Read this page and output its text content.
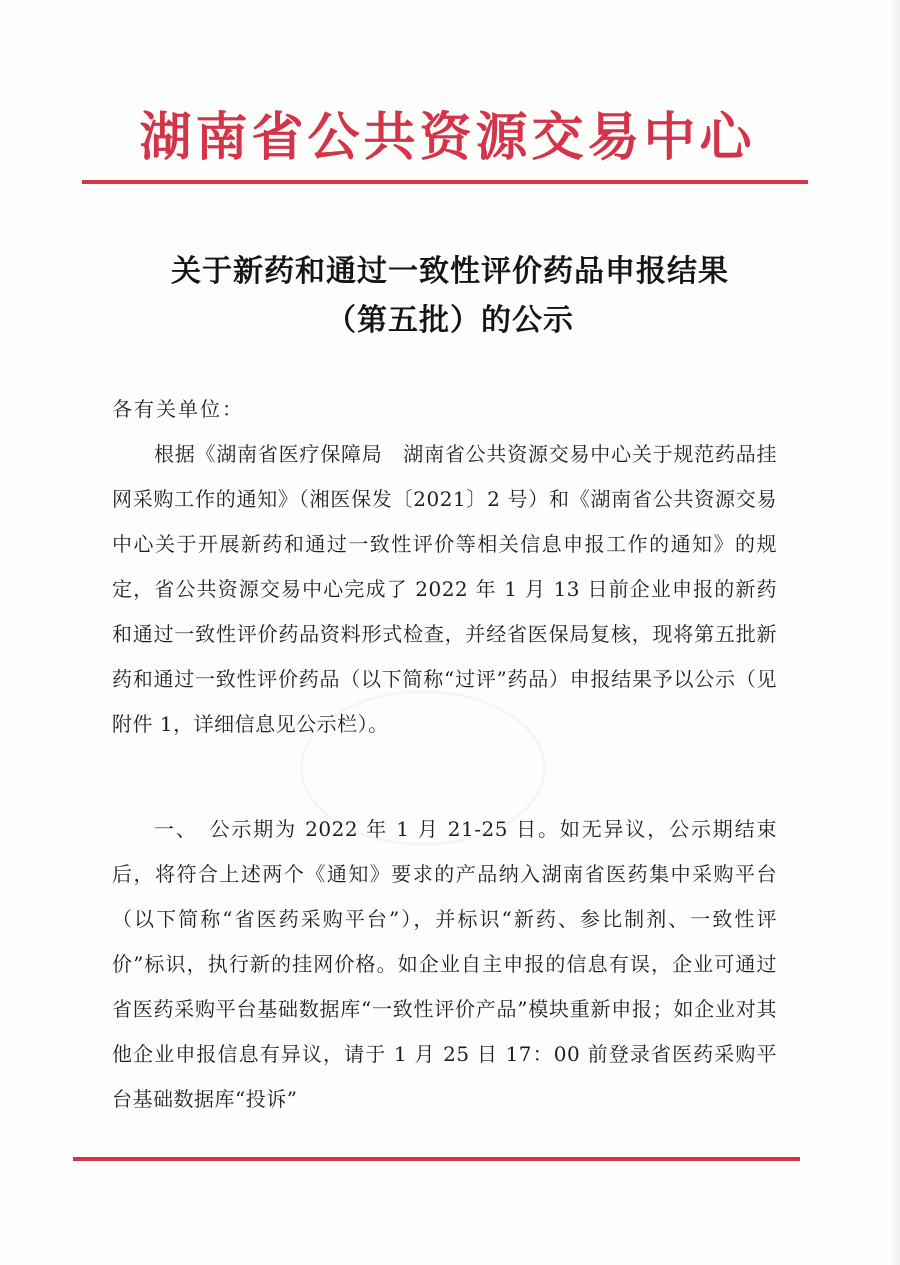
湖南省公共资源交易中心
关于新药和通过一致性评价药品申报结果
（第五批）的公示
各有关单位：
根据《湖南省医疗保障局　湖南省公共资源交易中心关于规范药品挂网采购工作的通知》（湘医保发〔2021〕2 号）和《湖南省公共资源交易中心关于开展新药和通过一致性评价等相关信息申报工作的通知》的规定，省公共资源交易中心完成了 2022 年 1 月 13 日前企业申报的新药和通过一致性评价药品资料形式检查，并经省医保局复核，现将第五批新药和通过一致性评价药品（以下简称“过评”药品）申报结果予以公示（见附件 1，详细信息见公示栏）。
一、　公示期为 2022 年 1 月 21-25 日。如无异议，公示期结束后，将符合上述两个《通知》要求的产品纳入湖南省医药集中采购平台（以下简称“省医药采购平台”），并标识“新药、参比制剂、一致性评价”标识，执行新的挂网价格。如企业自主申报的信息有误，企业可通过省医药采购平台基础数据库“一致性评价产品”模块重新申报；如企业对其他企业申报信息有异议，请于 1 月 25 日 17：00 前登录省医药采购平台基础数据库“投诉”
